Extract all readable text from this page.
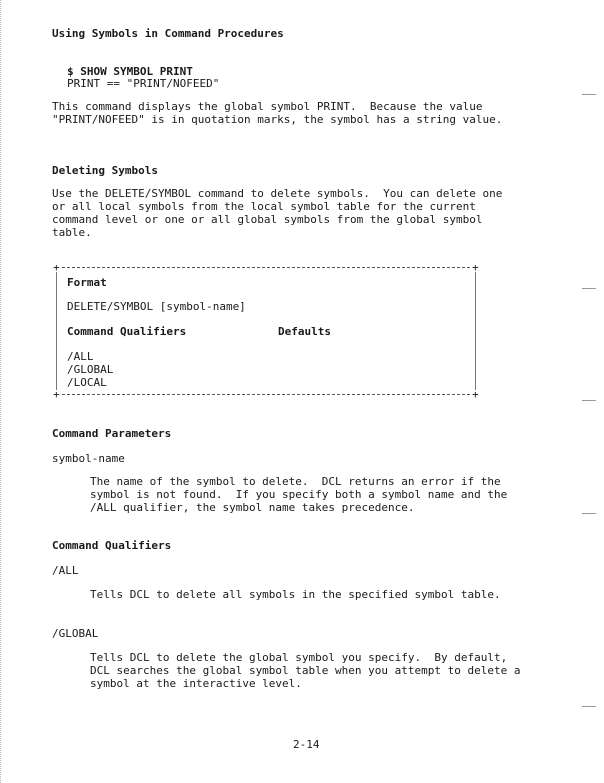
Using Symbols in Command Procedures

$ SHOW SYMBOL PRINT

PRINT == "PRINT/NOFEED"

This command displays the global symbol PRINT.  Because the value

"PRINT/NOFEED" is in quotation marks, the symbol has a string value.

Deleting Symbols

Use the DELETE/SYMBOL command to delete symbols.  You can delete one

or all local symbols from the local symbol table for the current

command level or one or all global symbols from the global symbol

table.

+	+
+	+

Format

DELETE/SYMBOL [symbol-name]

Command Qualifiers	Defaults

/ALL

/GLOBAL

/LOCAL

Command Parameters

symbol-name

The name of the symbol to delete.  DCL returns an error if the

symbol is not found.  If you specify both a symbol name and the

/ALL qualifier, the symbol name takes precedence.

Command Qualifiers

/ALL

Tells DCL to delete all symbols in the specified symbol table.

/GLOBAL

Tells DCL to delete the global symbol you specify.  By default,

DCL searches the global symbol table when you attempt to delete a

symbol at the interactive level.

2-14
